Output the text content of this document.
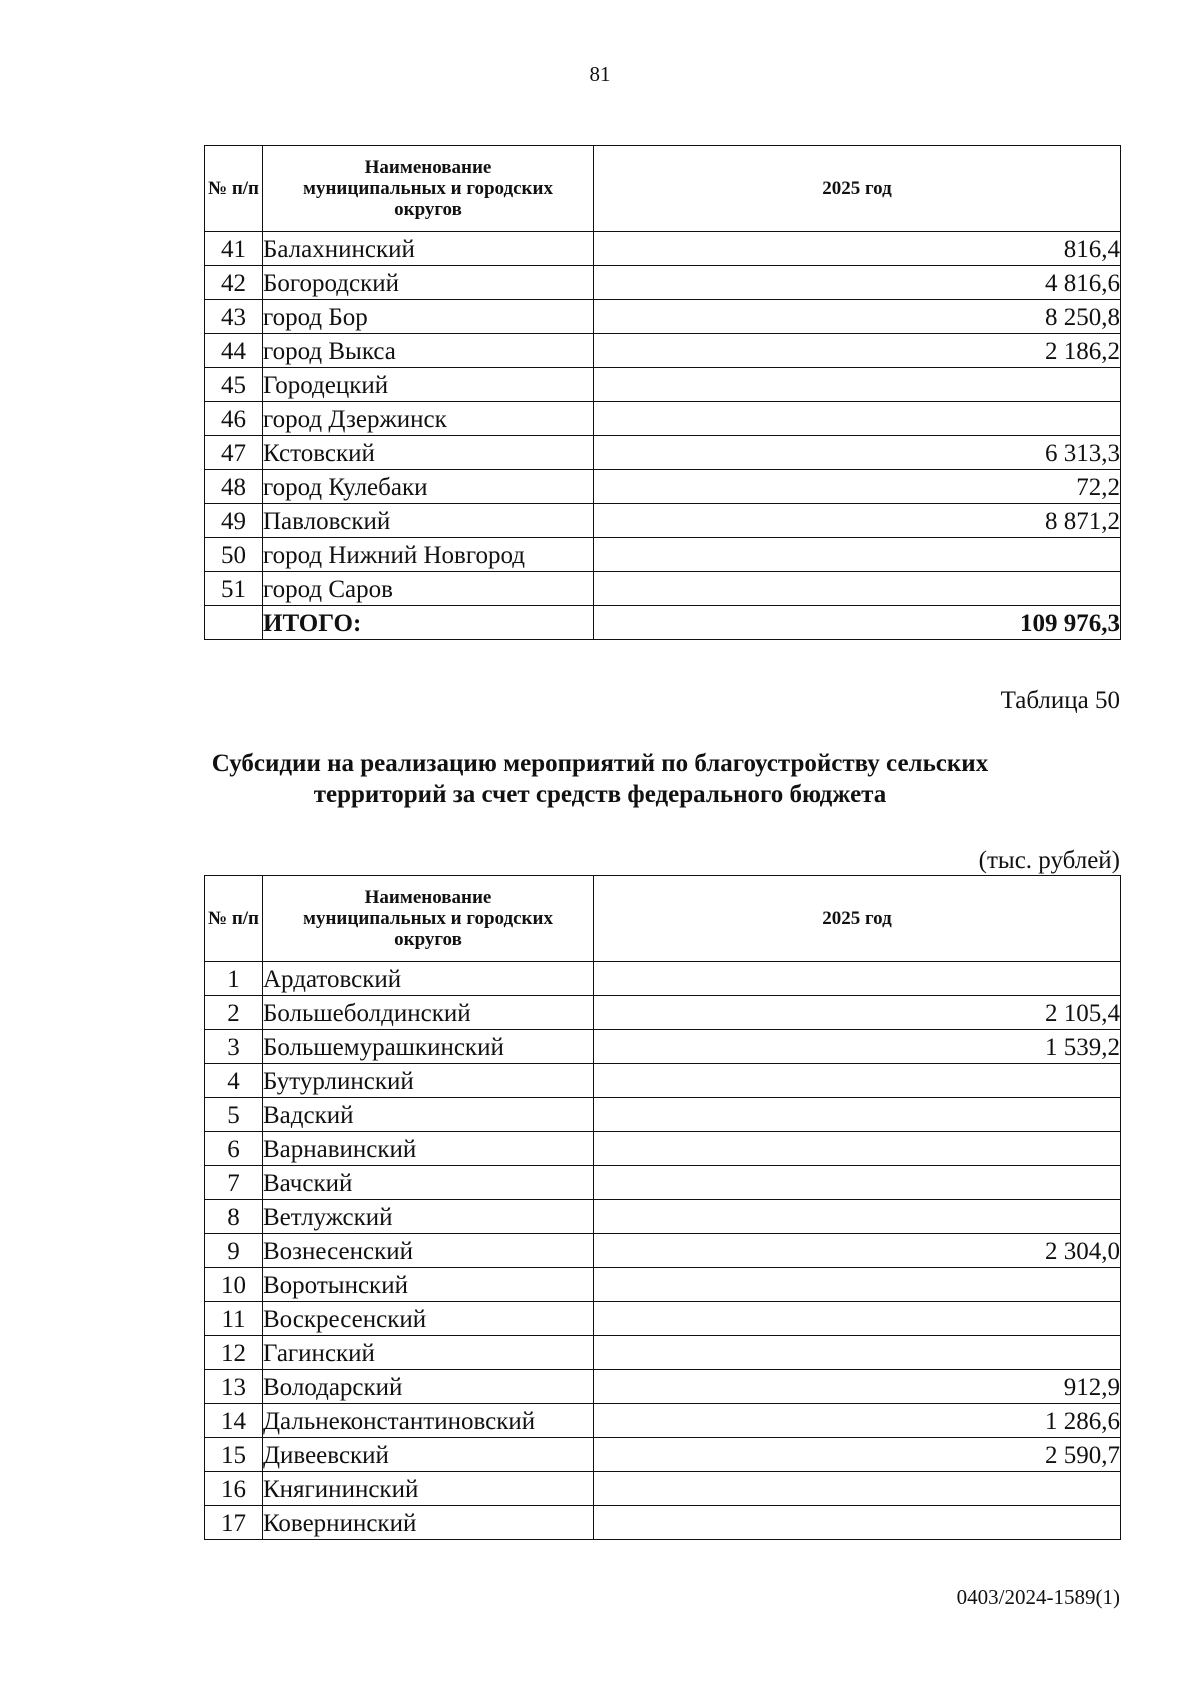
81
№ п/п	Наименование муниципальных и городских округов	2025 год
41	Балахнинский	816,4
42	Богородский	4 816,6
43	город Бор	8 250,8
44	город Выкса	2 186,2
45	Городецкий	
46	город Дзержинск	
47	Кстовский	6 313,3
48	город Кулебаки	72,2
49	Павловский	8 871,2
50	город Нижний Новгород	
51	город Саров	
	ИТОГО:	109 976,3
Таблица 50
Субсидии на реализацию мероприятий по благоустройству сельских
территорий за счет средств федерального бюджета
(тыс. рублей)
№ п/п	Наименование муниципальных и городских округов	2025 год
1	Ардатовский	
2	Большеболдинский	2 105,4
3	Большемурашкинский	1 539,2
4	Бутурлинский	
5	Вадский	
6	Варнавинский	
7	Вачский	
8	Ветлужский	
9	Вознесенский	2 304,0
10	Воротынский	
11	Воскресенский	
12	Гагинский	
13	Володарский	912,9
14	Дальнеконстантиновский	1 286,6
15	Дивеевский	2 590,7
16	Княгининский	
17	Ковернинский	
0403/2024-1589(1)
